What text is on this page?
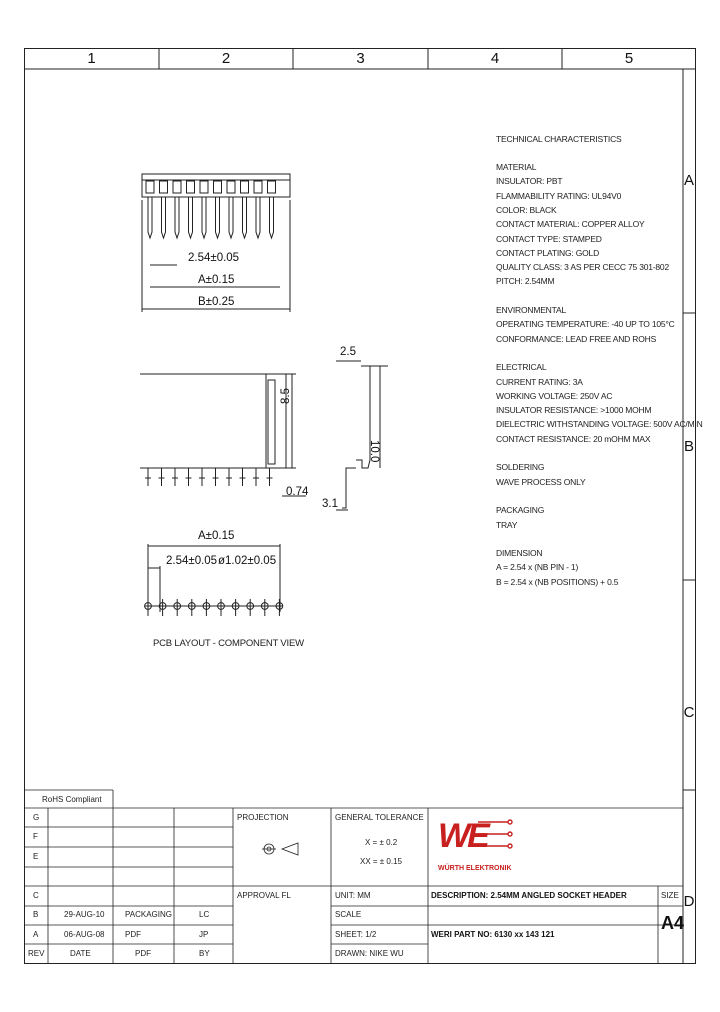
1	2	3	4	5
A
B
C
D
2.54±0.05
A±0.15
B±0.25
8.5
0.74
2.5
10.0
3.1
A±0.15
2.54±0.05 ø1.02±0.05
PCB LAYOUT - COMPONENT VIEW
TECHNICAL CHARACTERISTICS
MATERIAL
INSULATOR: PBT
FLAMMABILITY RATING: UL94V0
COLOR: BLACK
CONTACT MATERIAL: COPPER ALLOY
CONTACT TYPE: STAMPED
CONTACT PLATING: GOLD
QUALITY CLASS: 3 AS PER CECC 75 301-802
PITCH: 2.54MM
ENVIRONMENTAL
OPERATING TEMPERATURE: -40 UP TO 105°C
CONFORMANCE: LEAD FREE AND ROHS
ELECTRICAL
CURRENT RATING: 3A
WORKING VOLTAGE: 250V AC
INSULATOR RESISTANCE: >1000 MOHM
DIELECTRIC WITHSTANDING VOLTAGE: 500V AC/MIN
CONTACT RESISTANCE: 20 mOHM MAX
SOLDERING
WAVE PROCESS ONLY
PACKAGING
TRAY
DIMENSION
A = 2.54 x (NB PIN - 1)
B = 2.54 x (NB POSITIONS) + 0.5
RoHS Compliant
G
F
E
C
B	29-AUG-10	PACKAGING	LC
A	06-AUG-08	PDF	JP
REV	DATE	PDF	BY
PROJECTION	GENERAL TOLERANCE
X = ± 0.2
XX = ± 0.15
APPROVAL FL	UNIT: MM
SCALE
SHEET: 1/2
DRAWN: NIKE WU
DESCRIPTION: 2.54MM ANGLED SOCKET HEADER
WERI PART NO: 6130 xx 143 121
SIZE
A4
WE
WÜRTH ELEKTRONIK
